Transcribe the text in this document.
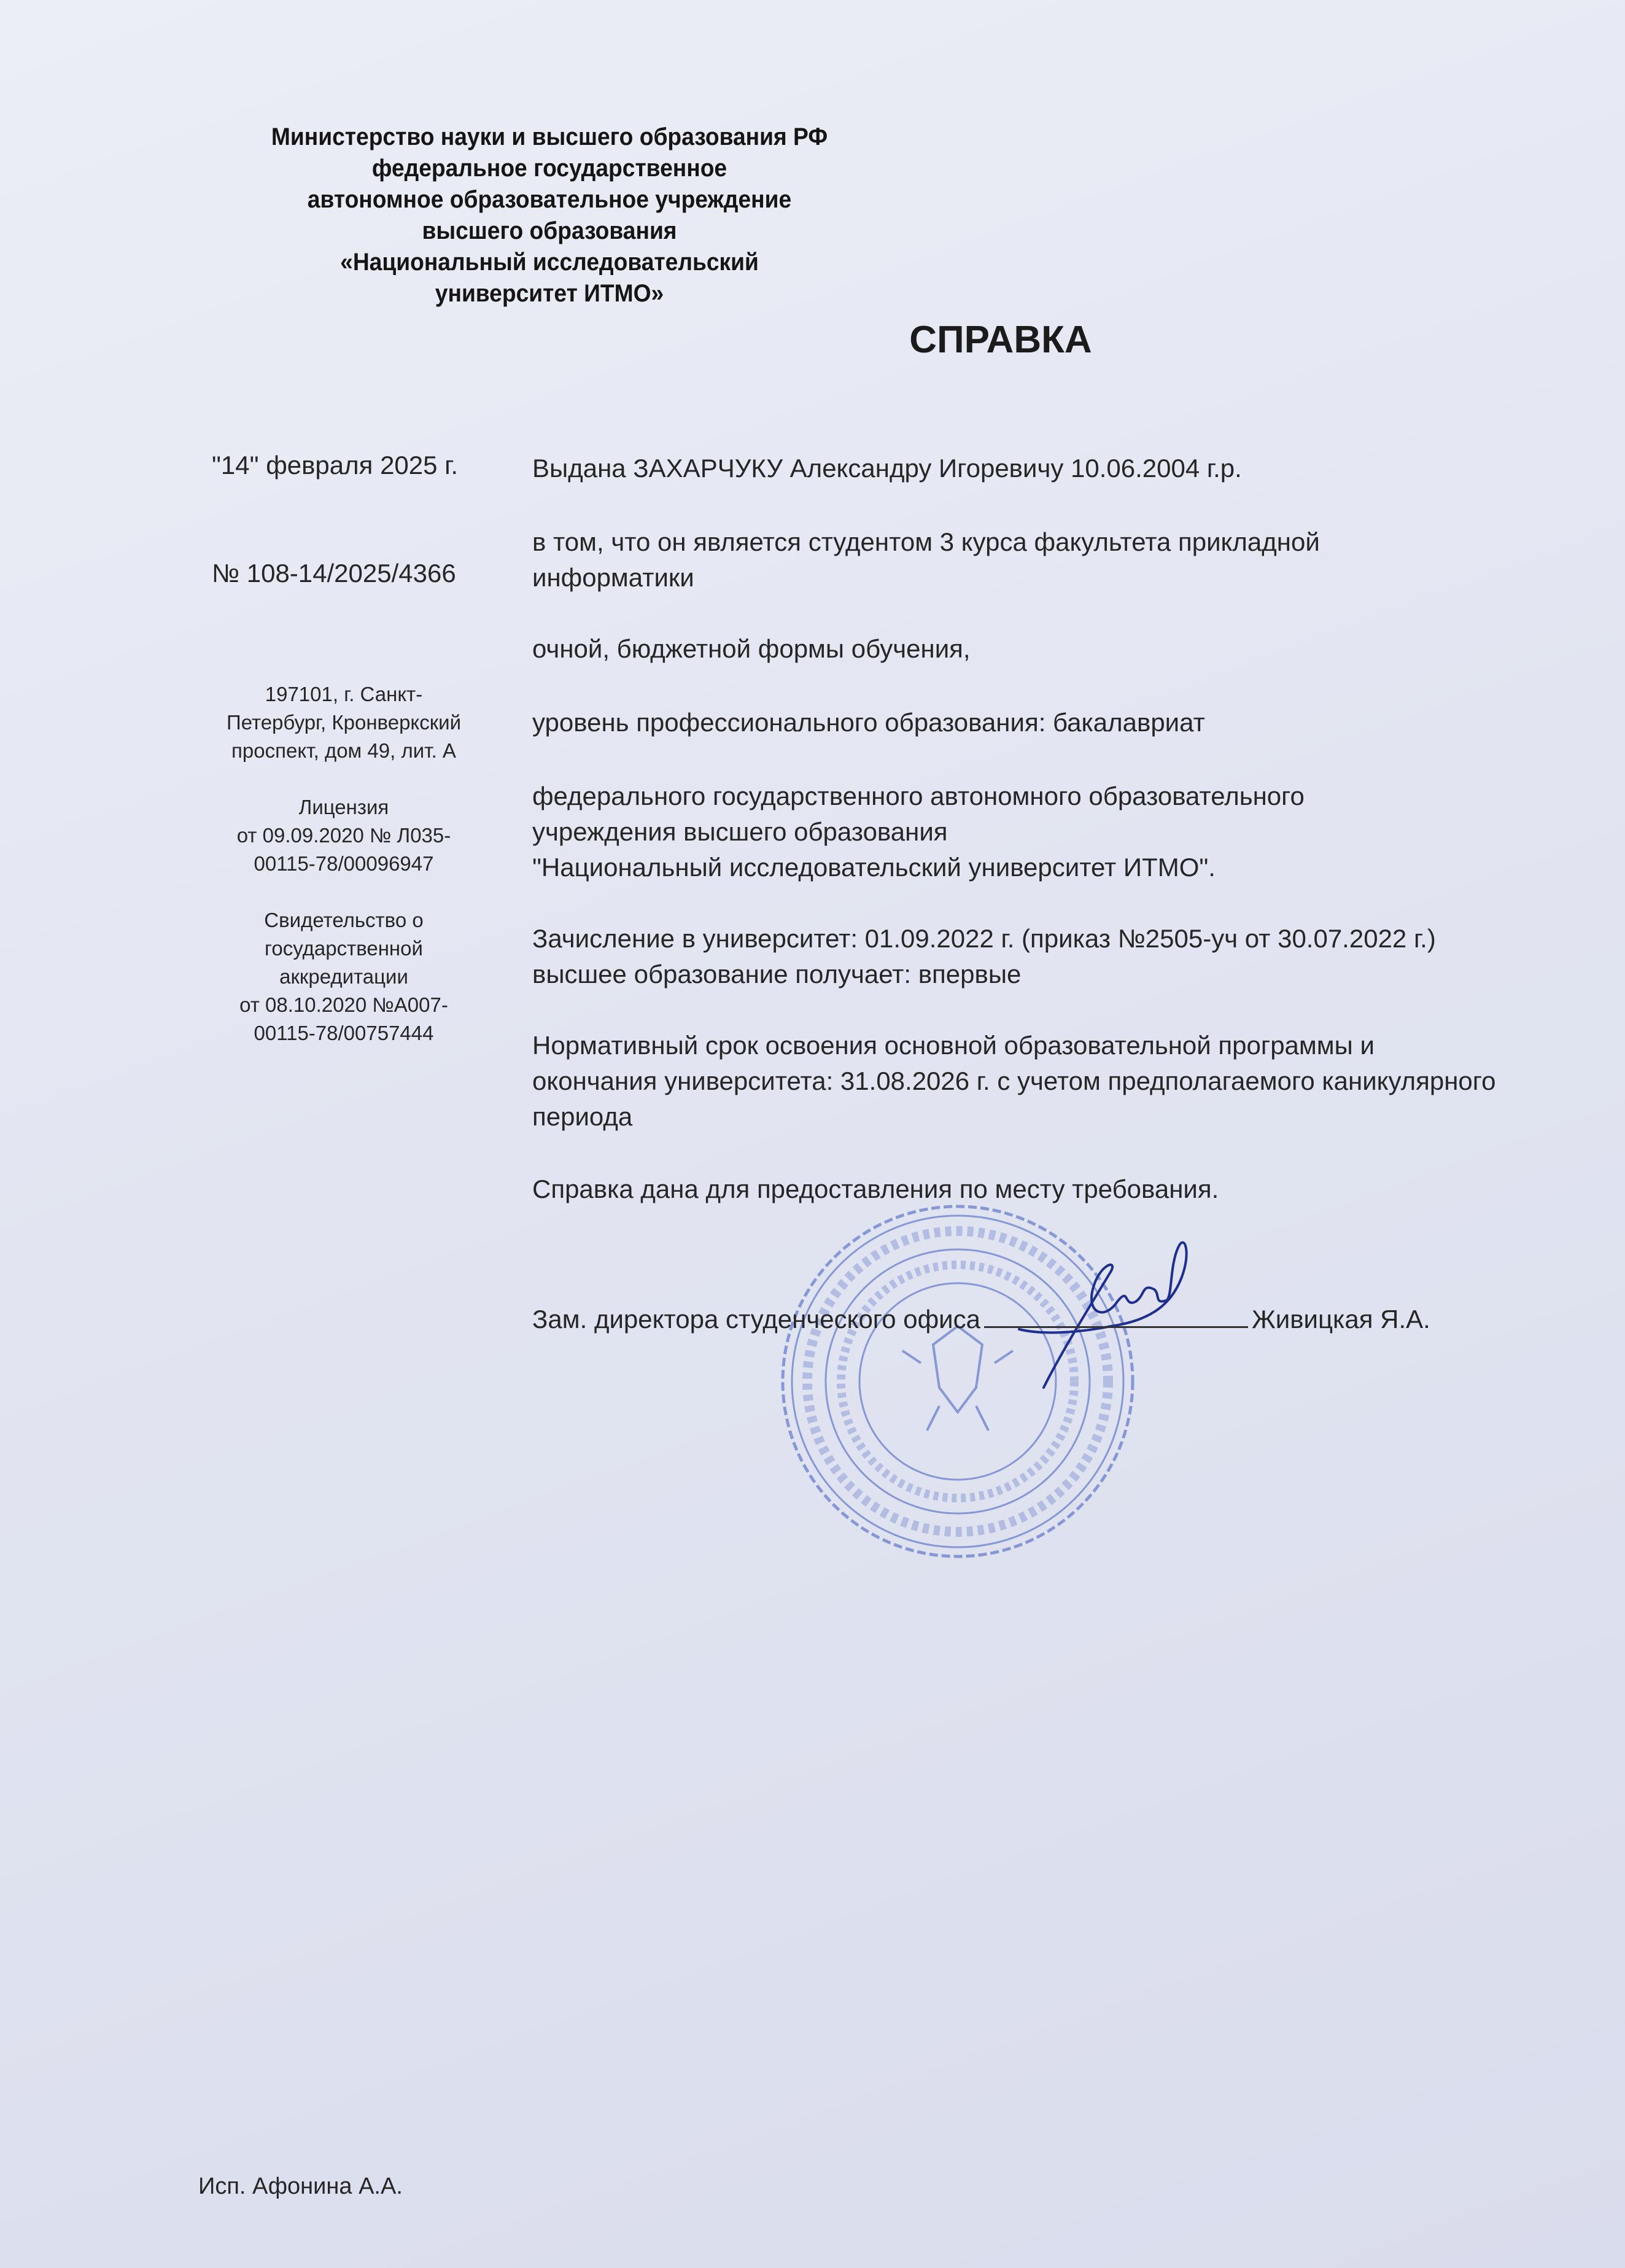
Министерство науки и высшего образования РФ
федеральное государственное
автономное образовательное учреждение
высшего образования
«Национальный исследовательский
университет ИТМО»
СПРАВКА
"14" февраля 2025 г.
№ 108-14/2025/4366
197101, г. Санкт-
Петербург, Кронверкский
проспект, дом 49, лит. А
Лицензия
от 09.09.2020 № Л035-
00115-78/00096947
Свидетельство о
государственной
аккредитации
от 08.10.2020 №А007-
00115-78/00757444

Выдана ЗАХАРЧУКУ Александру Игоревичу 10.06.2004 г.р.

в том, что он является студентом 3 курса факультета прикладной информатики

очной, бюджетной формы обучения,

уровень профессионального образования: бакалавриат

федерального государственного автономного образовательного

учреждения высшего образования

"Национальный исследовательский университет ИТМО".

Зачисление в университет: 01.09.2022 г. (приказ №2505-уч от 30.07.2022 г.)

высшее образование получает: впервые

Нормативный срок освоения основной образовательной программы и окончания университета: 31.08.2026 г. с учетом предполагаемого каникулярного периода

Справка дана для предоставления по месту требования.

Зам. директора студенческого офиса	Живицкая Я.А.
Исп. Афонина А.А.
